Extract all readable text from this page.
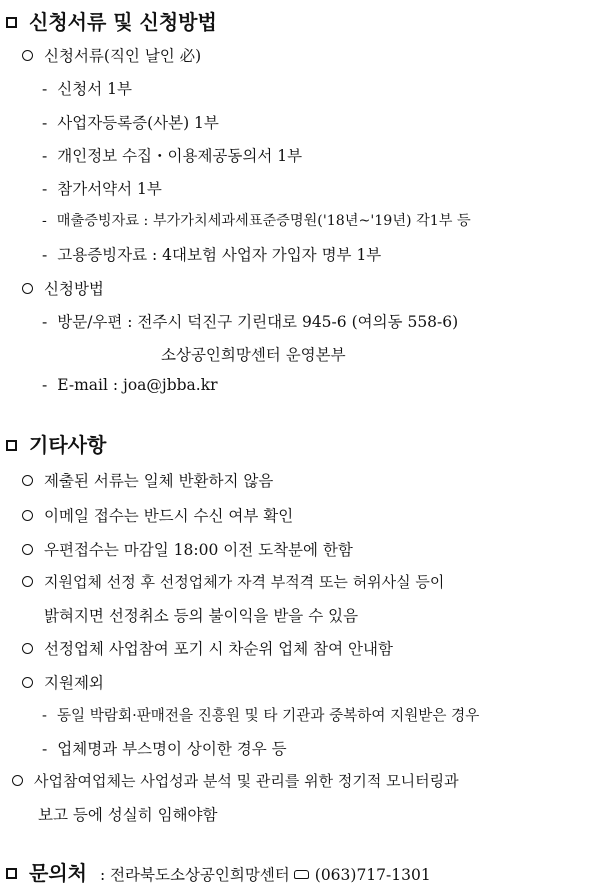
신청서류 및 신청방법
신청서류(직인 날인 必)
- 신청서 1부
- 사업자등록증(사본) 1부
- 개인정보 수집・이용제공동의서 1부
- 참가서약서 1부
- 매출증빙자료 : 부가가치세과세표준증명원('18년~'19년) 각1부 등
- 고용증빙자료 : 4대보험 사업자 가입자 명부 1부
신청방법
- 방문/우편 : 전주시 덕진구 기린대로 945-6 (여의동 558-6)
소상공인희망센터 운영본부
- E-mail : joa@jbba.kr
기타사항
제출된 서류는 일체 반환하지 않음
이메일 접수는 반드시 수신 여부 확인
우편접수는 마감일 18:00 이전 도착분에 한함
지원업체 선정 후 선정업체가 자격 부적격 또는 허위사실 등이
밝혀지면 선정취소 등의 불이익을 받을 수 있음
선정업체 사업참여 포기 시 차순위 업체 참여 안내함
지원제외
- 동일 박람회·판매전을 진흥원 및 타 기관과 중복하여 지원받은 경우
- 업체명과 부스명이 상이한 경우 등
사업참여업체는 사업성과 분석 및 관리를 위한 정기적 모니터링과
보고 등에 성실히 임해야함
문의처 : 전라북도소상공인희망센터 (063)717-1301
